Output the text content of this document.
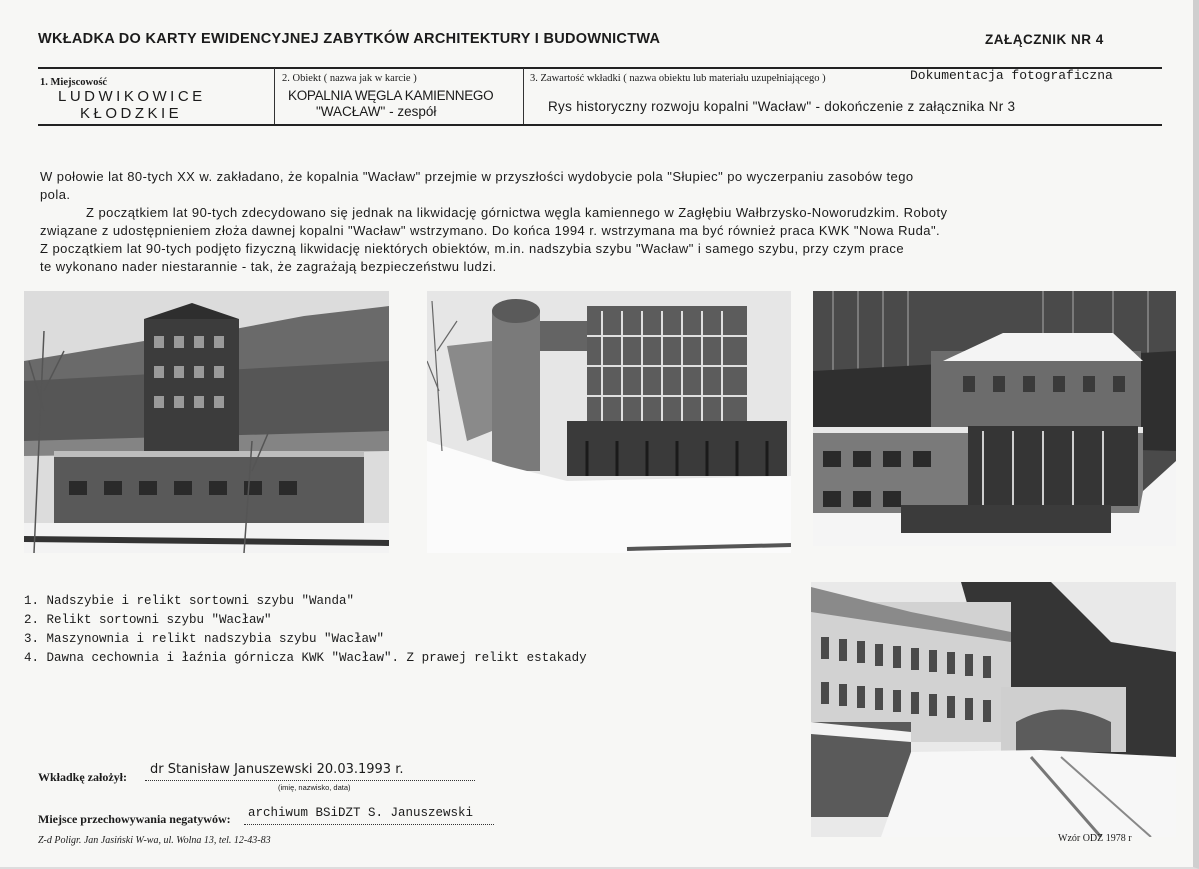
WKŁADKA DO KARTY EWIDENCYJNEJ ZABYTKÓW ARCHITEKTURY I BUDOWNICTWA	ZAŁĄCZNIK NR 4
1. Miejscowość
LUDWIKOWICE
KŁODZKIE
2. Obiekt ( nazwa jak w karcie )
KOPALNIA WĘGLA KAMIENNEGO
"WACŁAW" - zespół
3. Zawartość wkładki ( nazwa obiektu lub materiału uzupełniającego )	Dokumentacja fotograficzna
Rys historyczny rozwoju kopalni "Wacław" - dokończenie z załącznika Nr 3

W połowie lat 80-tych XX w. zakładano, że kopalnia "Wacław" przejmie w przyszłości wydobycie pola "Słupiec" po wyczerpaniu zasobów tego

pola.

Z początkiem lat 90-tych zdecydowano się jednak na likwidację górnictwa węgla kamiennego w Zagłębiu Wałbrzysko-Noworudzkim. Roboty

związane z udostępnieniem złoża dawnej kopalni "Wacław" wstrzymano. Do końca 1994 r. wstrzymana ma być również praca KWK "Nowa Ruda".

Z początkiem lat 90-tych podjęto fizyczną likwidację niektórych obiektów, m.in. nadszybia szybu "Wacław" i samego szybu, przy czym prace

te wykonano nader niestarannie - tak, że zagrażają bezpieczeństwu ludzi.

1. Nadszybie i relikt sortowni szybu "Wanda"
2. Relikt sortowni szybu "Wacław"
3. Maszynownia i relikt nadszybia szybu "Wacław"
4. Dawna cechownia i łaźnia górnicza KWK "Wacław". Z prawej relikt estakady
Wkładkę założył: dr Stanisław Januszewski 20.03.1993 r.
(imię, nazwisko, data)
Miejsce przechowywania negatywów: archiwum BSiDZT S. Januszewski
Z-d Poligr. Jan Jasiński W-wa, ul. Wolna 13, tel. 12-43-83	Wzór ODZ 1978 r
